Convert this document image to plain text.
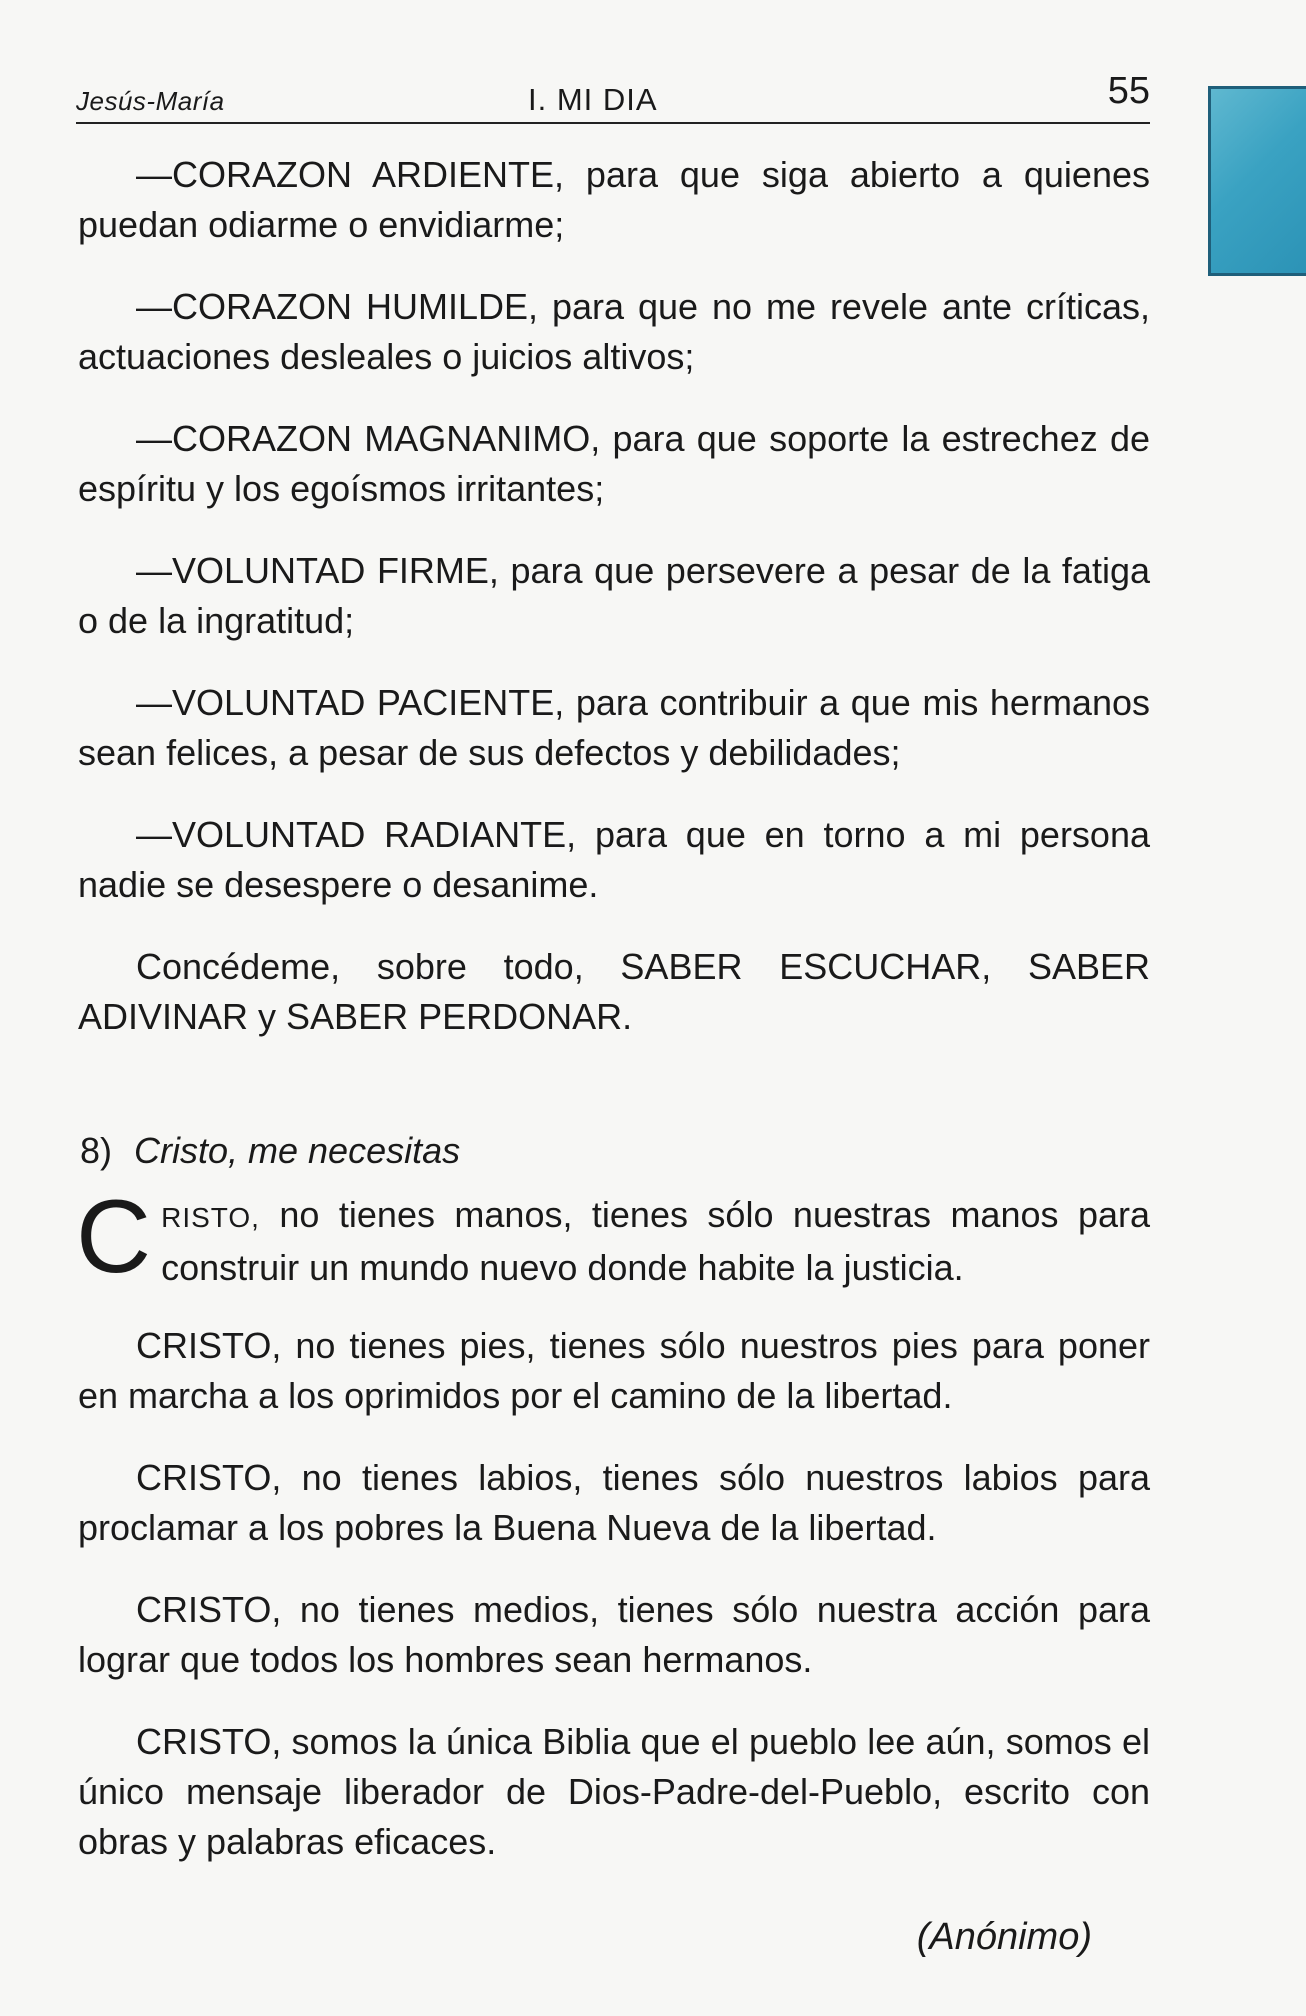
Jesús-María	I. MI DIA	55

—CORAZON ARDIENTE, para que siga abierto a quienes puedan odiarme o envidiarme;

—CORAZON HUMILDE, para que no me revele ante críticas, actuaciones desleales o juicios altivos;

—CORAZON MAGNANIMO, para que soporte la estrechez de espíritu y los egoísmos irritantes;

—VOLUNTAD FIRME, para que persevere a pesar de la fatiga o de la ingratitud;

—VOLUNTAD PACIENTE, para contribuir a que mis hermanos sean felices, a pesar de sus defectos y debilidades;

—VOLUNTAD RADIANTE, para que en torno a mi persona nadie se desespere o desanime.

Concédeme, sobre todo, SABER ESCUCHAR, SABER ADIVINAR y SABER PERDONAR.

8) Cristo, me necesitas
CRISTO, no tienes manos, tienes sólo nuestras manos para construir un mundo nuevo donde habite la justicia.

CRISTO, no tienes pies, tienes sólo nuestros pies para poner en marcha a los oprimidos por el camino de la libertad.

CRISTO, no tienes labios, tienes sólo nuestros labios para proclamar a los pobres la Buena Nueva de la libertad.

CRISTO, no tienes medios, tienes sólo nuestra acción para lograr que todos los hombres sean hermanos.

CRISTO, somos la única Biblia que el pueblo lee aún, somos el único mensaje liberador de Dios-Padre-del-Pueblo, escrito con obras y palabras eficaces.

(Anónimo)
